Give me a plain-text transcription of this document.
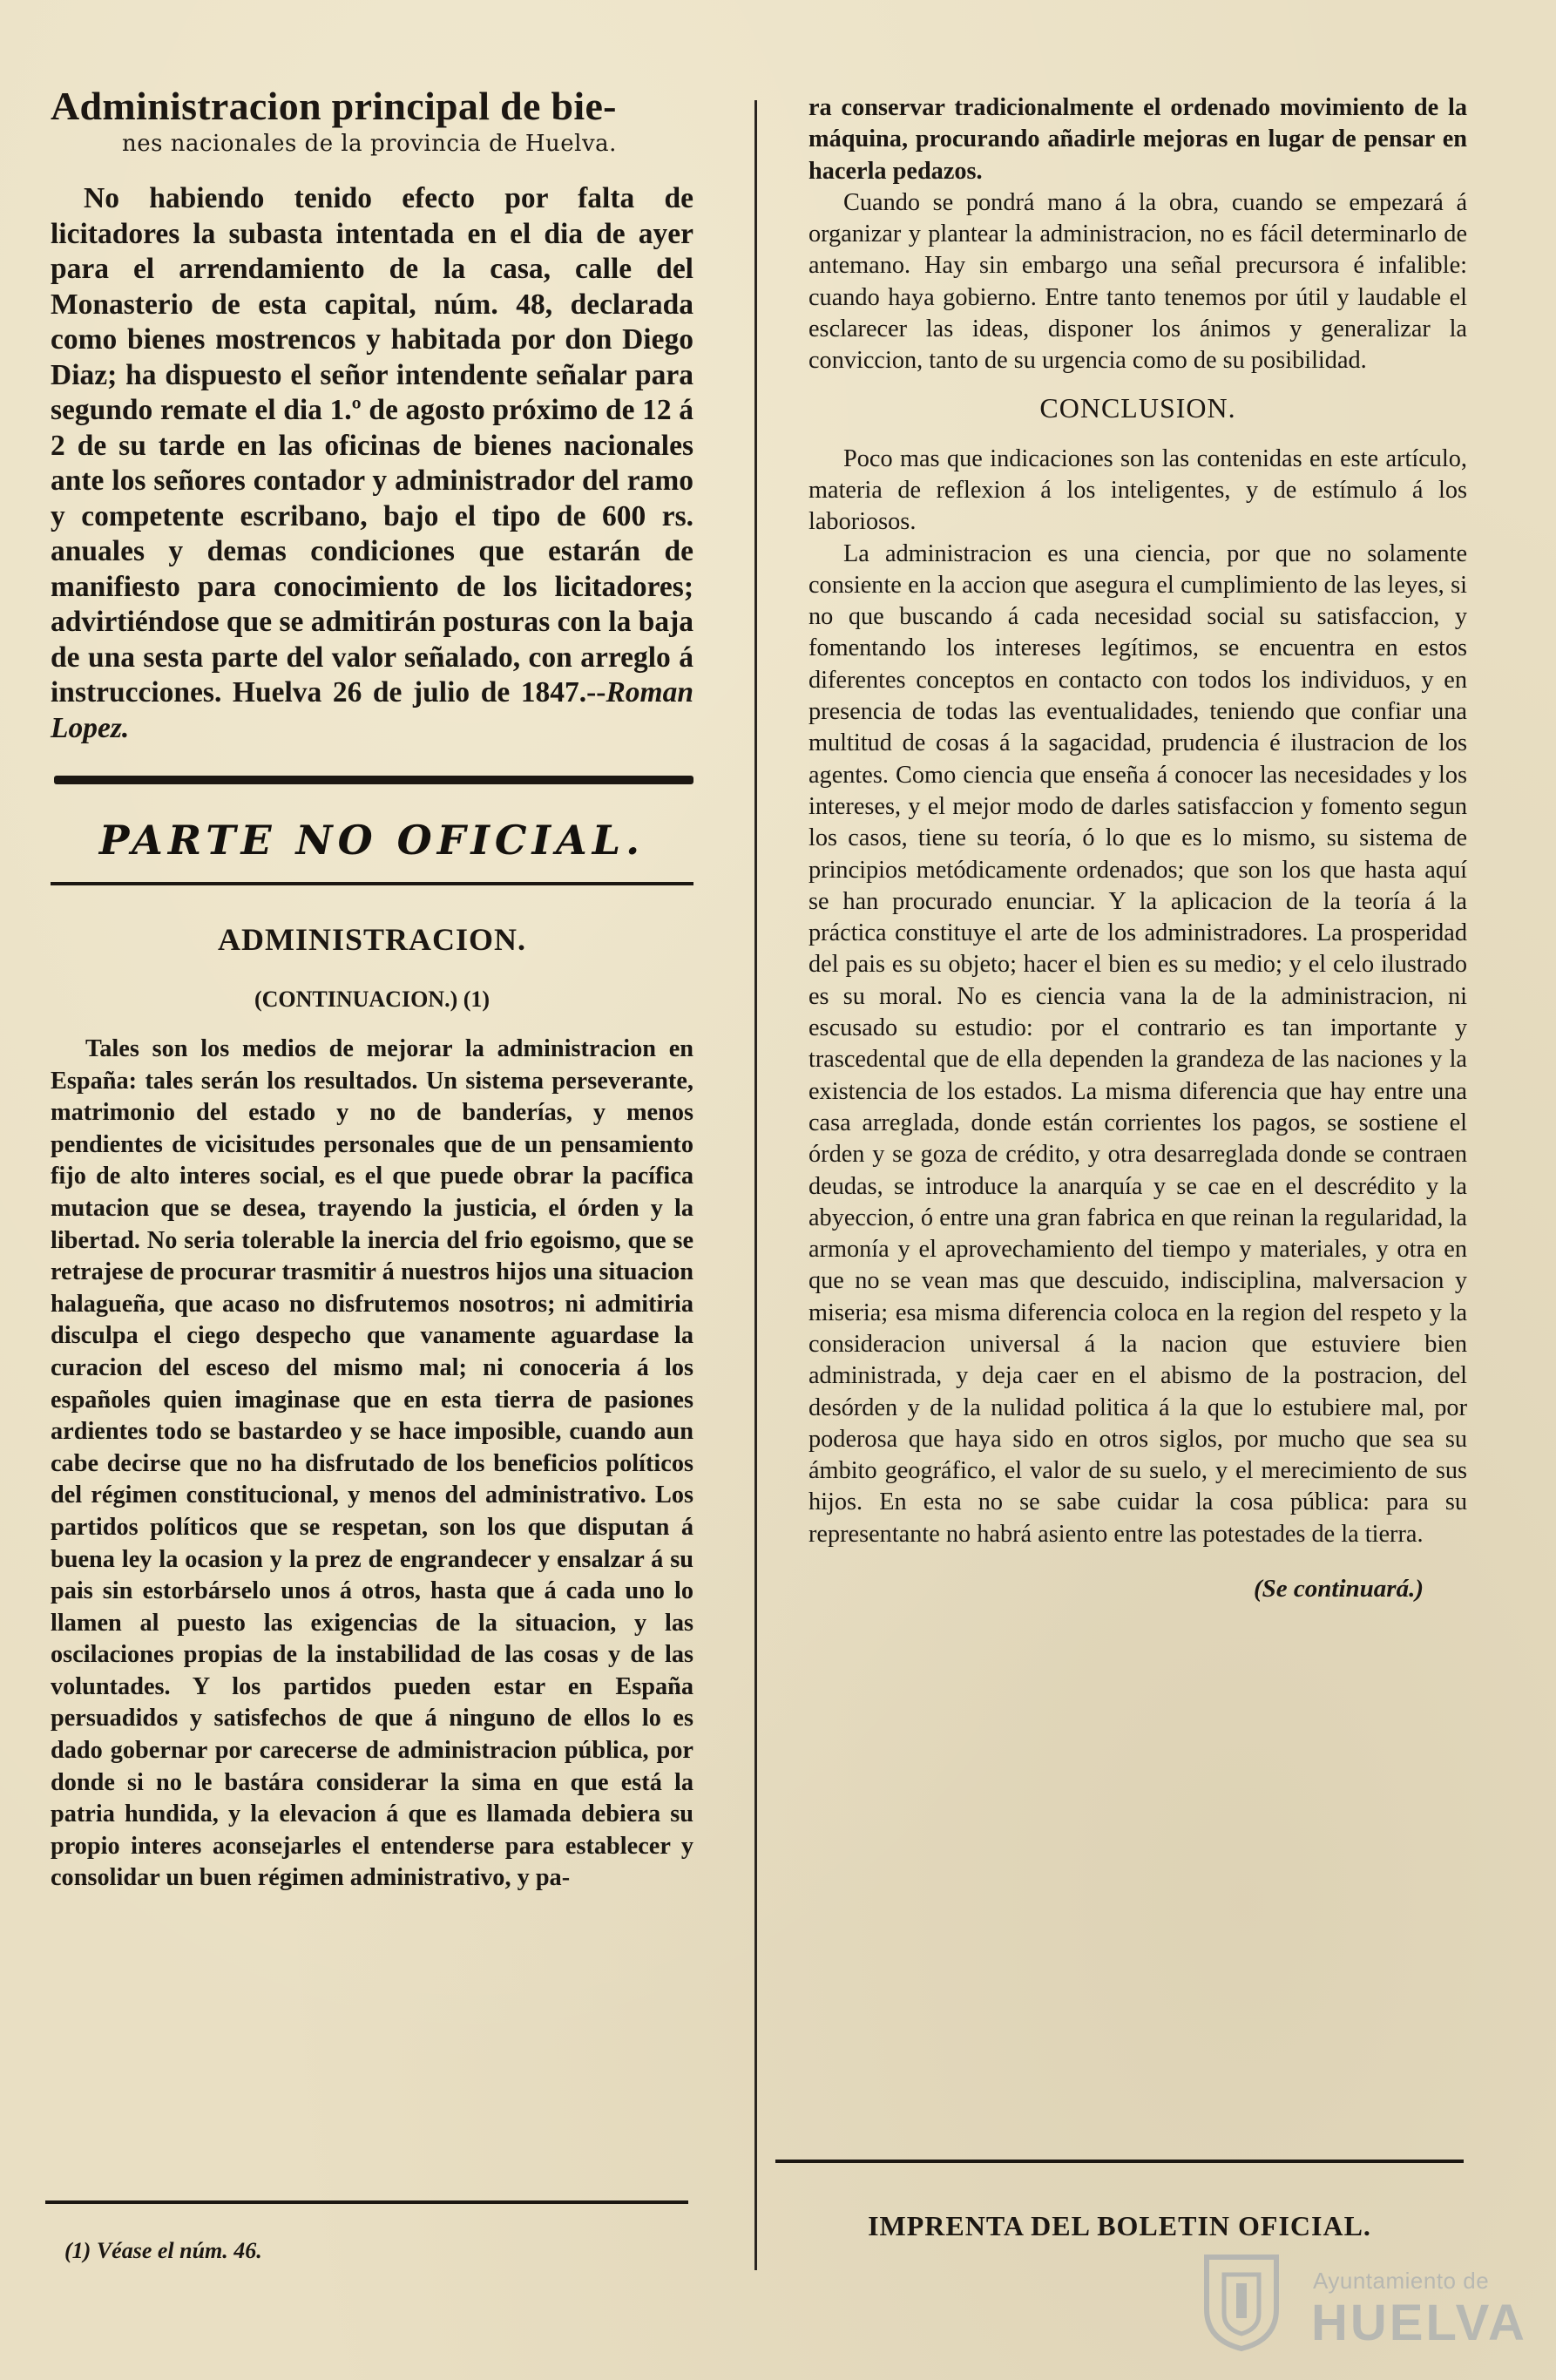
Administracion principal de bie-

nes nacionales de la provincia de Huelva.

No habiendo tenido efecto por falta de licitadores la subasta intentada en el dia de ayer para el arrendamiento de la casa, calle del Monasterio de esta capital, núm. 48, declarada como bienes mostrencos y habitada por don Diego Diaz; ha dispuesto el señor intendente señalar para segundo remate el dia 1.º de agosto próximo de 12 á 2 de su tarde en las oficinas de bienes nacionales ante los señores contador y administrador del ramo y competente escribano, bajo el tipo de 600 rs. anuales y demas condiciones que estarán de manifiesto para conocimiento de los licitadores; advirtiéndose que se admitirán posturas con la baja de una sesta parte del valor señalado, con arreglo á instrucciones. Huelva 26 de julio de 1847.--Roman Lopez.

PARTE NO OFICIAL.
ADMINISTRACION.
(CONTINUACION.) (1)

Tales son los medios de mejorar la administracion en España: tales serán los resultados. Un sistema perseverante, matrimonio del estado y no de banderías, y menos pendientes de vicisitudes personales que de un pensamiento fijo de alto interes social, es el que puede obrar la pacífica mutacion que se desea, trayendo la justicia, el órden y la libertad. No seria tolerable la inercia del frio egoismo, que se retrajese de procurar trasmitir á nuestros hijos una situacion halagueña, que acaso no disfrutemos nosotros; ni admitiria disculpa el ciego despecho que vanamente aguardase la curacion del esceso del mismo mal; ni conoceria á los españoles quien imaginase que en esta tierra de pasiones ardientes todo se bastardeo y se hace imposible, cuando aun cabe decirse que no ha disfrutado de los beneficios políticos del régimen constitucional, y menos del administrativo. Los partidos políticos que se respetan, son los que disputan á buena ley la ocasion y la prez de engrandecer y ensalzar á su pais sin estorbárselo unos á otros, hasta que á cada uno lo llamen al puesto las exigencias de la situacion, y las oscilaciones propias de la instabilidad de las cosas y de las voluntades. Y los partidos pueden estar en España persuadidos y satisfechos de que á ninguno de ellos lo es dado gobernar por carecerse de administracion pública, por donde si no le bastára considerar la sima en que está la patria hundida, y la elevacion á que es llamada debiera su propio interes aconsejarles el entenderse para establecer y consolidar un buen régimen administrativo, y pa-

(1) Véase el núm. 46.

ra conservar tradicionalmente el ordenado movimiento de la máquina, procurando añadirle mejoras en lugar de pensar en hacerla pedazos.

Cuando se pondrá mano á la obra, cuando se empezará á organizar y plantear la administracion, no es fácil determinarlo de antemano. Hay sin embargo una señal precursora é infalible: cuando haya gobierno. Entre tanto tenemos por útil y laudable el esclarecer las ideas, disponer los ánimos y generalizar la conviccion, tanto de su urgencia como de su posibilidad.

CONCLUSION.

Poco mas que indicaciones son las contenidas en este artículo, materia de reflexion á los inteligentes, y de estímulo á los laboriosos.

La administracion es una ciencia, por que no solamente consiente en la accion que asegura el cumplimiento de las leyes, si no que buscando á cada necesidad social su satisfaccion, y fomentando los intereses legítimos, se encuentra en estos diferentes conceptos en contacto con todos los individuos, y en presencia de todas las eventualidades, teniendo que confiar una multitud de cosas á la sagacidad, prudencia é ilustracion de los agentes. Como ciencia que enseña á conocer las necesidades y los intereses, y el mejor modo de darles satisfaccion y fomento segun los casos, tiene su teoría, ó lo que es lo mismo, su sistema de principios metódicamente ordenados; que son los que hasta aquí se han procurado enunciar. Y la aplicacion de la teoría á la práctica constituye el arte de los administradores. La prosperidad del pais es su objeto; hacer el bien es su medio; y el celo ilustrado es su moral. No es ciencia vana la de la administracion, ni escusado su estudio: por el contrario es tan importante y trascedental que de ella dependen la grandeza de las naciones y la existencia de los estados. La misma diferencia que hay entre una casa arreglada, donde están corrientes los pagos, se sostiene el órden y se goza de crédito, y otra desarreglada donde se contraen deudas, se introduce la anarquía y se cae en el descrédito y la abyeccion, ó entre una gran fabrica en que reinan la regularidad, la armonía y el aprovechamiento del tiempo y materiales, y otra en que no se vean mas que descuido, indisciplina, malversacion y miseria; esa misma diferencia coloca en la region del respeto y la consideracion universal á la nacion que estuviere bien administrada, y deja caer en el abismo de la postracion, del desórden y de la nulidad politica á la que lo estubiere mal, por poderosa que haya sido en otros siglos, por mucho que sea su ámbito geográfico, el valor de su suelo, y el merecimiento de sus hijos. En esta no se sabe cuidar la cosa pública: para su representante no habrá asiento entre las potestades de la tierra.

(Se continuará.)
IMPRENTA DEL BOLETIN OFICIAL.
Ayuntamiento de
HUELVA
